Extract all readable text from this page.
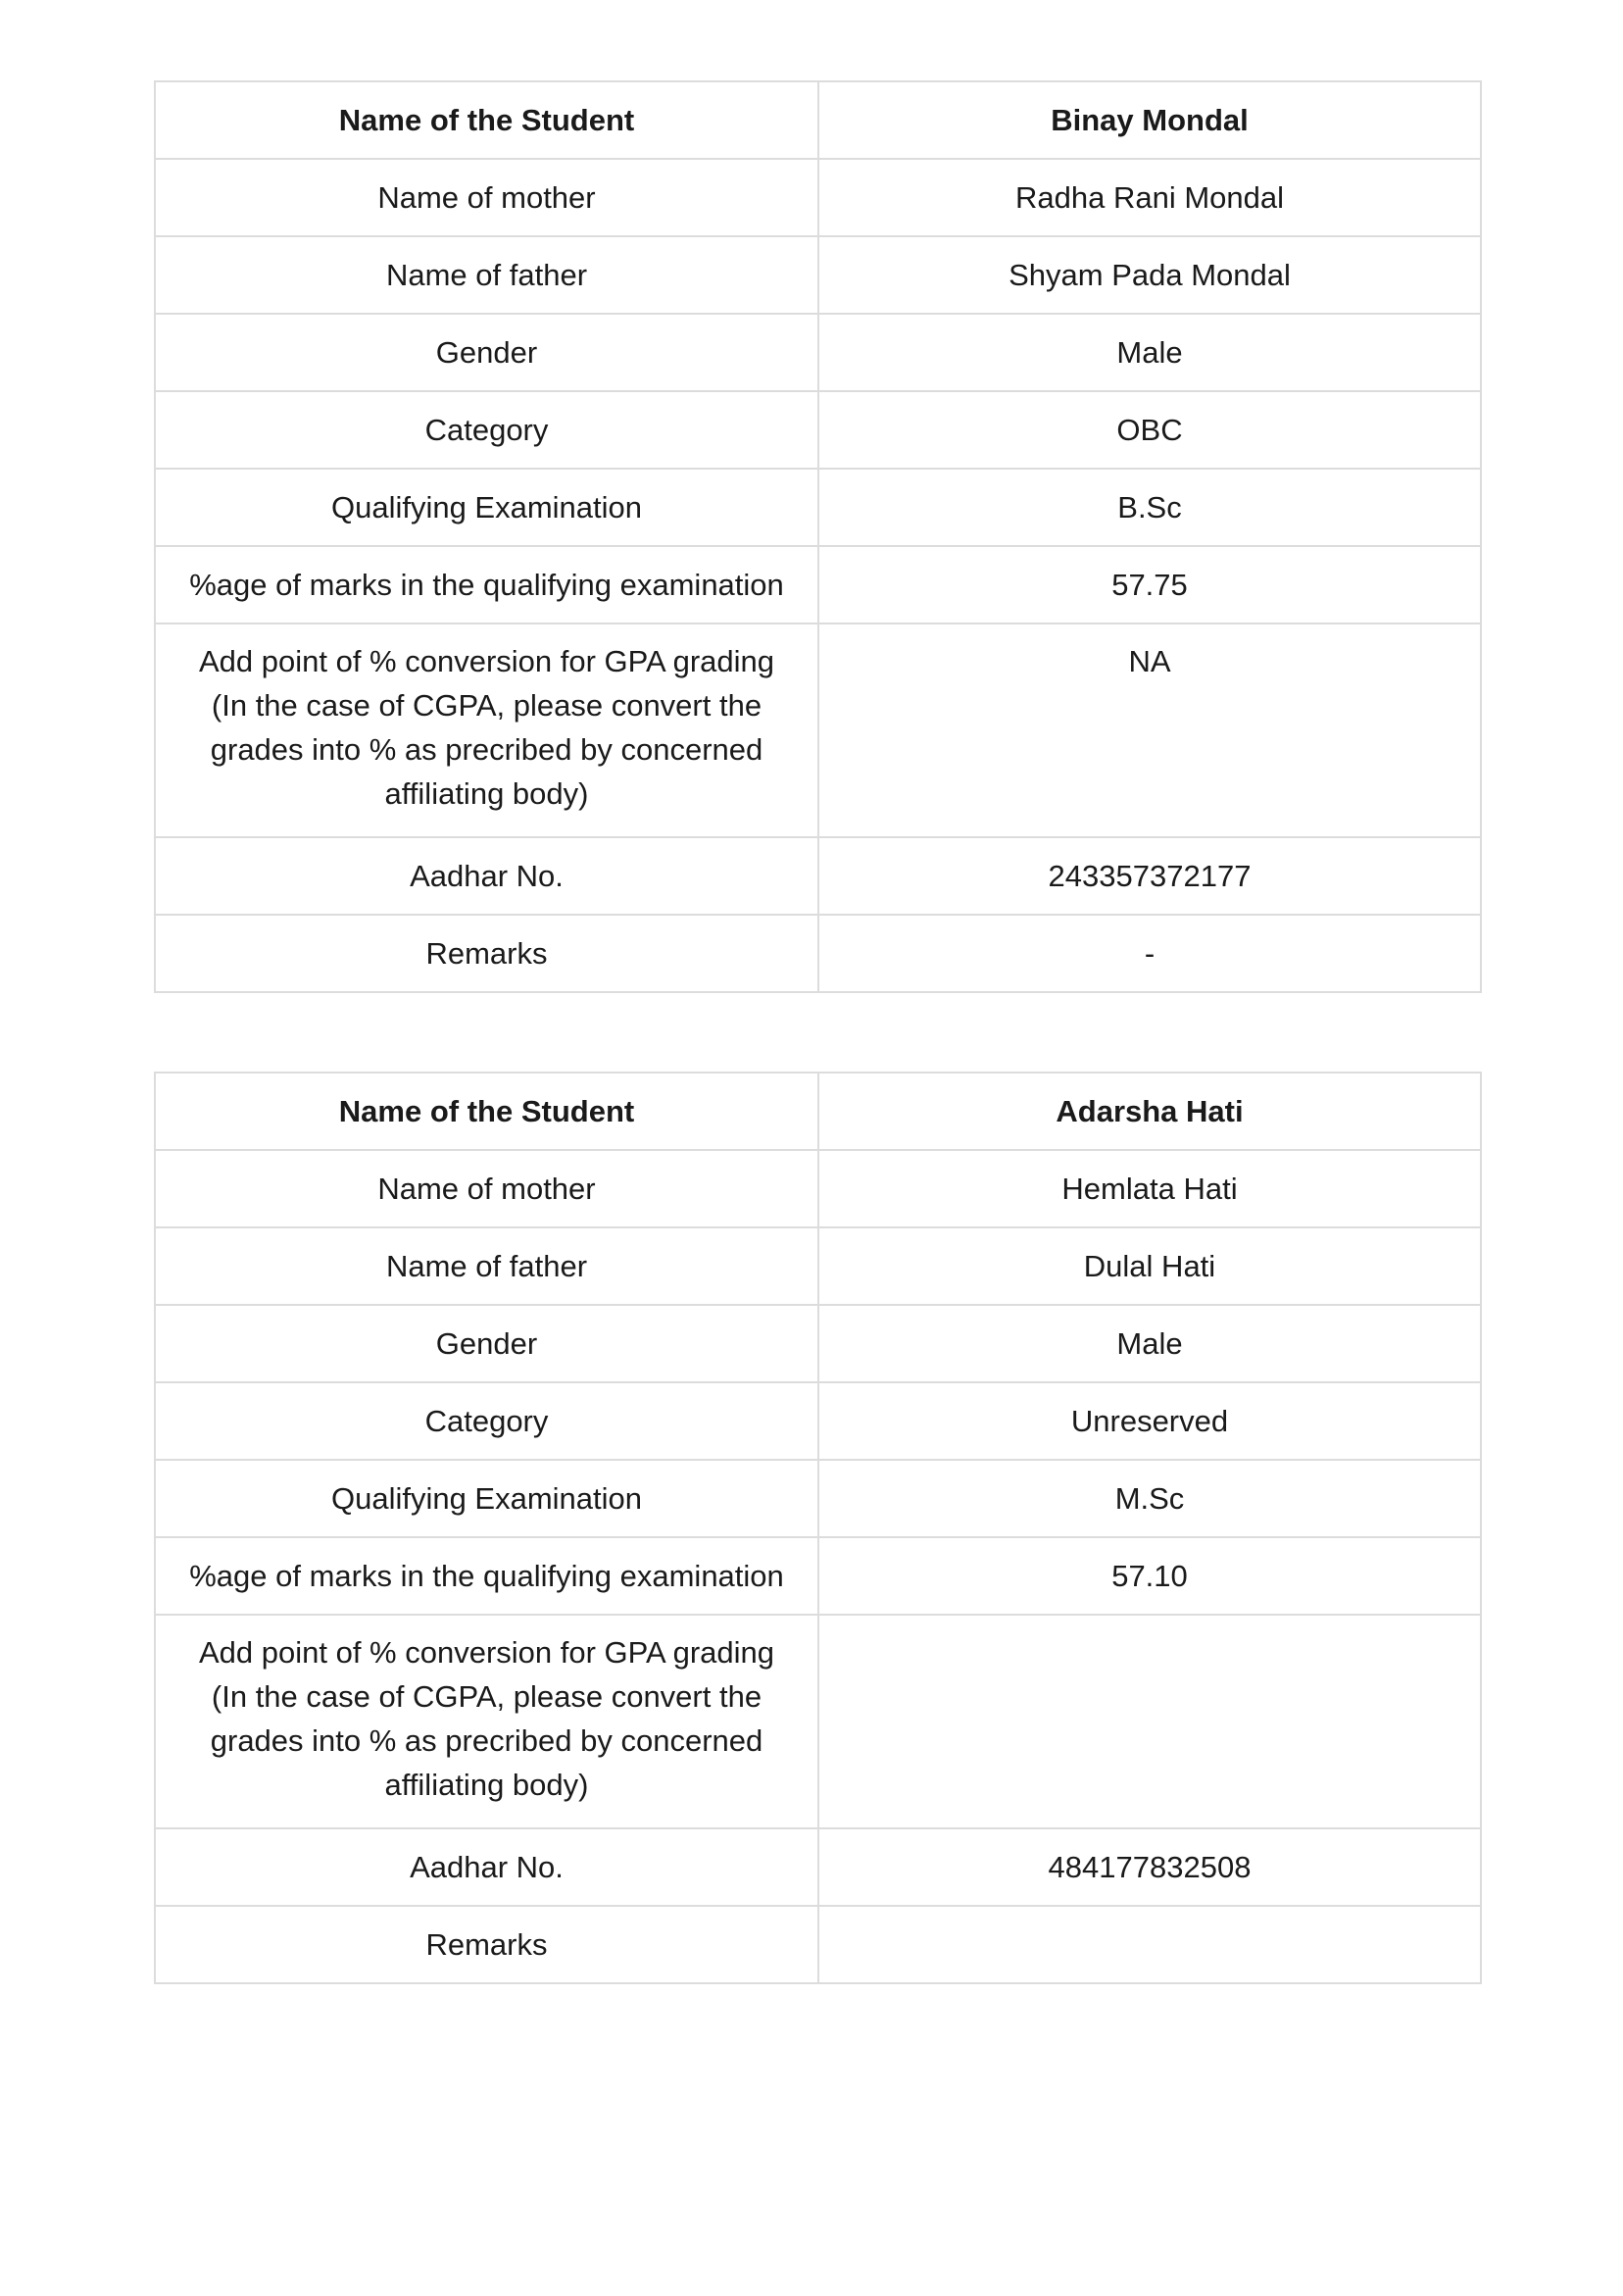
Name of the Student	Binay Mondal
Name of mother	Radha Rani Mondal
Name of father	Shyam Pada Mondal
Gender	Male
Category	OBC
Qualifying Examination	B.Sc
%age of marks in the qualifying examination	57.75
Add point of % conversion for GPA grading (In the case of CGPA, please convert the grades into % as precribed by concerned affiliating body)	NA
Aadhar No.	243357372177
Remarks	-
Name of the Student	Adarsha Hati
Name of mother	Hemlata Hati
Name of father	Dulal Hati
Gender	Male
Category	Unreserved
Qualifying Examination	M.Sc
%age of marks in the qualifying examination	57.10
Add point of % conversion for GPA grading (In the case of CGPA, please convert the grades into % as precribed by concerned affiliating body)	
Aadhar No.	484177832508
Remarks	
